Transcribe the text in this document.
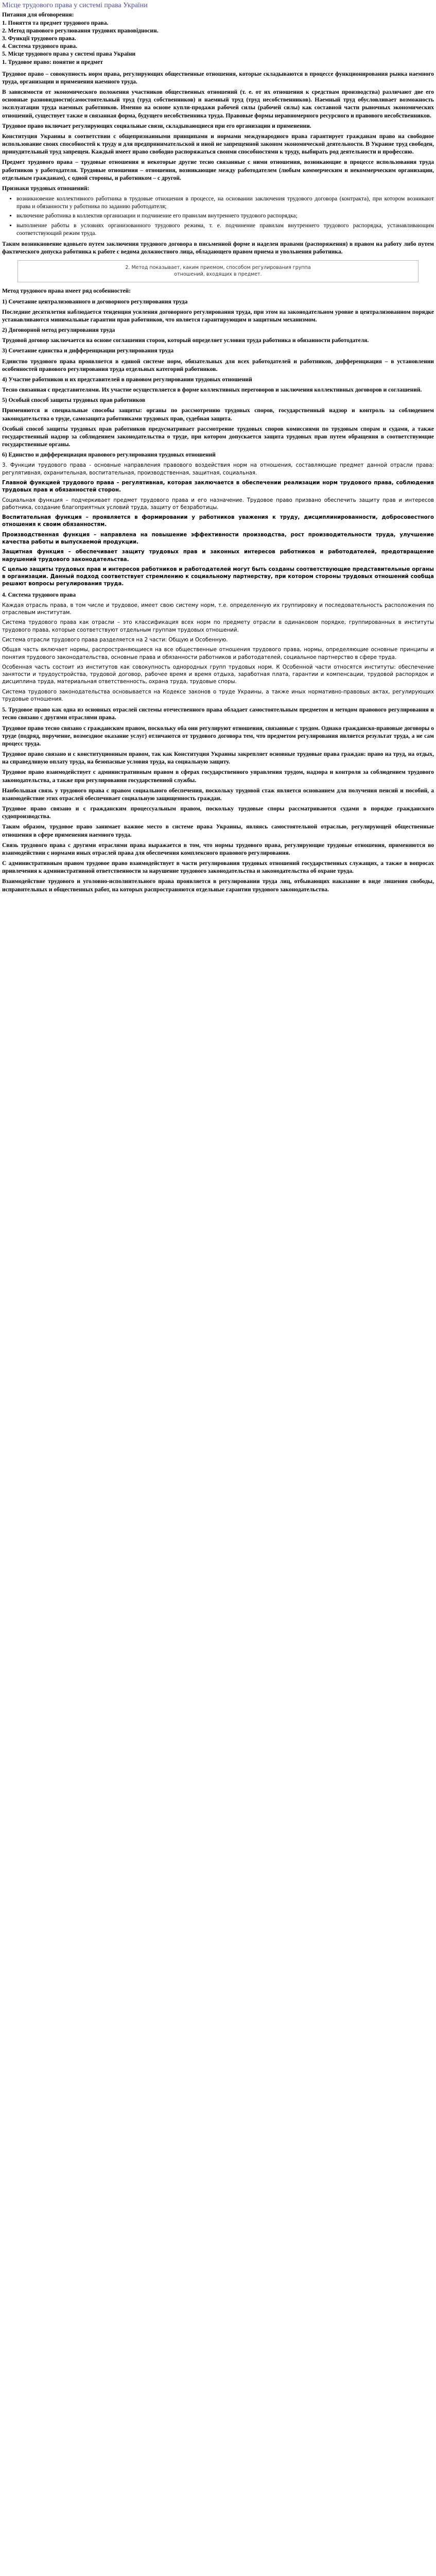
Місце трудового права у системі права України
Питання для обговорення:
1. Поняття та предмет трудового права.
2. Метод правового регулювання трудових правовідносин.
3. Функції трудового права.
4. Система трудового права.
5. Місце трудового права у системі права України
1. Трудовое право: понятие и предмет

Трудовое право – совокупность норм права, регулирующих общественные отношения, которые складываются в процессе функционирования рынка наемного труда, организации и применения наемного труда.

В зависимости от экономического положения участников общественных отношений (т. е. от их отношения к средствам производства) различают две его основные разновидности(самостоятельный труд (труд собственников) и наемный труд (труд несобственников). Наемный труд обусловливает возможность эксплуатации труда наемных работников. Именно на основе купли-продажи рабочей силы (рабочей силы) как составной части рыночных экономических отношений, существует также и связанная форма, будущего несобственника труда. Правовые формы неравномерного ресурсного и правового несобственников.

Трудовое право включает регулирующих социальные связи, складывающиеся при его организации и применении.

Конституция Украины в соответствии с общепризнанными принципами и нормами международного права гарантирует гражданам право на свободное использование своих способностей к труду и для предпринимательской и иной не запрещенной законом экономической деятельности. В Украине труд свободен, принудительный труд запрещен. Каждый имеет право свободно распоряжаться своими способностями к труду, выбирать род деятельности и профессию.

Предмет трудового права – трудовые отношения и некоторые другие тесно связанные с ними отношения, возникающие в процессе использования труда работников у работодателя. Трудовые отношения – отношения, возникающие между работодателем (любым коммерческим и некоммерческим организации, отдельным гражданам), с одной стороны, и работником – с другой.

Признаки трудовых отношений:

• возникновение коллективного работника в трудовые отношения в процессе, на основании заключения трудового договора (контракта), при котором возникают права и обязанности у работника по заданию работодателя;
• включение работника в коллектив организации и подчинение его правилам внутреннего трудового распорядка;
• выполнение работы в условиях организованного трудового режима, т. е. подчинение правилам внутреннего трудового распорядка, устанавливающим соответствующий режим труда.

Таким возникновение вдовьего путем заключения трудового договора в письменной форме и наделен правами (распоряжения) в правом на работу либо путем фактического допуска работника к работе с ведома должностного лица, обладающего правом приема и увольнения работника.

2. Метод показывает, каким приемом, способом регулирования группа
отношений, входящих в предмет.

Метод трудового права имеет ряд особенностей:

1) Сочетание централизованного и договорного регулирования труда

Последние десятилетия наблюдается тенденция усиления договорного регулирования труда, при этом на законодательном уровне в централизованном порядке устанавливаются минимальные гарантии прав работников, что является гарантирующим и защитным механизмом.

2) Договорной метод регулирования труда

Трудовой договор заключается на основе соглашения сторон, который определяет условия труда работника и обязанности работодателя.

3) Сочетание единства и дифференциации регулирования труда

Единство трудового права проявляется в единой системе норм, обязательных для всех работодателей и работников, дифференциация – в установлении особенностей правового регулирования труда отдельных категорий работников.

4) Участие работников и их представителей в правовом регулировании трудовых отношений

Тесно связанная с представителями. Их участие осуществляется в форме коллективных переговоров и заключения коллективных договоров и соглашений.

5) Особый способ защиты трудовых прав работников

Применяются и специальные способы защиты: органы по рассмотрению трудовых споров, государственный надзор и контроль за соблюдением законодательства о труде, самозащита работниками трудовых прав, судебная защита.

Особый способ защиты трудовых прав работников предусматривает рассмотрение трудовых споров комиссиями по трудовым спорам и судами, а также государственный надзор за соблюдением законодательства о труде, при котором допускается защита трудовых прав путем обращения в соответствующие государственные органы.

6) Единство и дифференциация правового регулирования трудовых отношений

3. Функции трудового права - основные направления правового воздействия норм на отношения, составляющие предмет данной отрасли права: регулятивная, охранительная, воспитательная, производственная, защитная, социальная.

Главной функцией трудового права – регулятивная, которая заключается в обеспечении реализации норм трудового права, соблюдения трудовых прав и обязанностей сторон.

Социальная функция – подчеркивает предмет трудового права и его назначение. Трудовое право призвано обеспечить защиту прав и интересов работника, создание благоприятных условий труда, защиту от безработицы.

Воспитательная функция – проявляется в формировании у работников уважения к труду, дисциплинированности, добросовестного отношения к своим обязанностям.

Производственная функция – направлена на повышение эффективности производства, рост производительности труда, улучшение качества работы и выпускаемой продукции.

Защитная функция – обеспечивает защиту трудовых прав и законных интересов работников и работодателей, предотвращение нарушений трудового законодательства.

С целью защиты трудовых прав и интересов работников и работодателей могут быть созданы соответствующие представительные органы в организации. Данный подход соответствует стремлению к социальному партнерству, при котором стороны трудовых отношений сообща решают вопросы регулирования труда.

4. Система трудового права

Каждая отрасль права, в том числе и трудовое, имеет свою систему норм, т.е. определенную их группировку и последовательность расположения по отраслевым институтам.

Система трудового права как отрасли – это классификация всех норм по предмету отрасли в одинаковом порядке, группированных в институты трудового права, которые соответствуют отдельным группам трудовых отношений.

Система отрасли трудового права разделяется на 2 части: Общую и Особенную.

Общая часть включает нормы, распространяющиеся на все общественные отношения трудового права, нормы, определяющие основные принципы и понятия трудового законодательства, основные права и обязанности работников и работодателей, социальное партнерство в сфере труда.

Особенная часть состоит из институтов как совокупность однородных групп трудовых норм. К Особенной части относятся институты: обеспечение занятости и трудоустройства, трудовой договор, рабочее время и время отдыха, заработная плата, гарантии и компенсации, трудовой распорядок и дисциплина труда, материальная ответственность, охрана труда, трудовые споры.

Система трудового законодательства основывается на Кодексе законов о труде Украины, а также иных нормативно-правовых актах, регулирующих трудовые отношения.

5. Трудовое право как одна из основных отраслей системы отечественного права обладает самостоятельным предметом и методом правового регулирования и тесно связано с другими отраслями права.

Трудовое право тесно связано с гражданским правом, поскольку оба они регулируют отношения, связанные с трудом. Однако гражданско-правовые договоры о труде (подряд, поручение, возмездное оказание услуг) отличаются от трудового договора тем, что предметом регулирования является результат труда, а не сам процесс труда.

Трудовое право связано и с конституционным правом, так как Конституция Украины закрепляет основные трудовые права граждан: право на труд, на отдых, на справедливую оплату труда, на безопасные условия труда, на социальную защиту.

Трудовое право взаимодействует с административным правом в сферах государственного управления трудом, надзора и контроля за соблюдением трудового законодательства, а также при регулировании государственной службы.

Наибольшая связь у трудового права с правом социального обеспечения, поскольку трудовой стаж является основанием для получения пенсий и пособий, а взаимодействие этих отраслей обеспечивает социальную защищенность граждан.

Трудовое право связано и с гражданским процессуальным правом, поскольку трудовые споры рассматриваются судами в порядке гражданского судопроизводства.

Таким образом, трудовое право занимает важное место в системе права Украины, являясь самостоятельной отраслью, регулирующей общественные отношения в сфере применения наемного труда.

Связь трудового права с другими отраслями права выражается в том, что нормы трудового права, регулирующие трудовые отношения, применяются во взаимодействии с нормами иных отраслей права для обеспечения комплексного правового регулирования.

С административным правом трудовое право взаимодействует в части регулирования трудовых отношений государственных служащих, а также в вопросах привлечения к административной ответственности за нарушение трудового законодательства и законодательства об охране труда.

Взаимодействие трудового и уголовно-исполнительного права проявляется в регулировании труда лиц, отбывающих наказание в виде лишения свободы, исправительных и общественных работ, на которых распространяются отдельные гарантии трудового законодательства.
